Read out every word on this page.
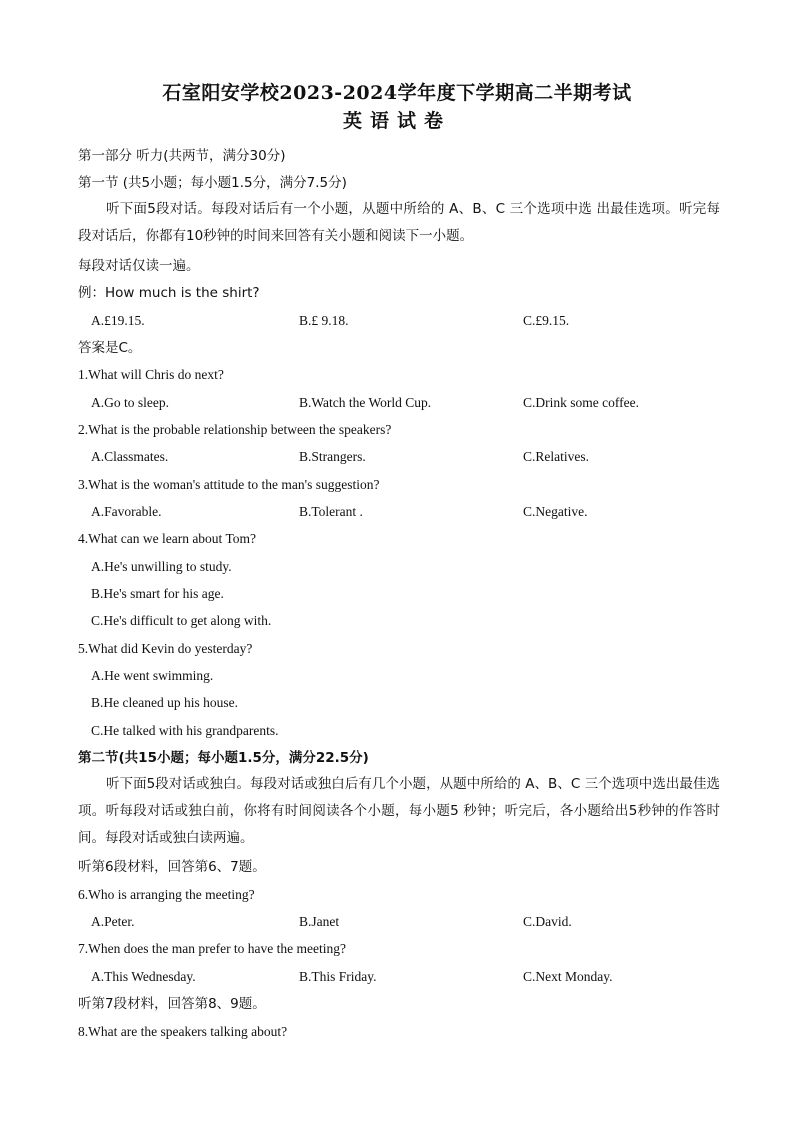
石室阳安学校2023-2024学年度下学期高二半期考试
英语试卷
第一部分 听力(共两节，满分30分)
第一节 (共5小题；每小题1.5分，满分7.5分)
听下面5段对话。每段对话后有一个小题，从题中所给的 A、B、C 三个选项中选 出最佳选项。听完每段对话后，你都有10秒钟的时间来回答有关小题和阅读下一小题。
每段对话仅读一遍。
例：How much is the shirt?
A.£19.15.	B.£ 9.18.	C.£9.15.
答案是C。
1.What will Chris do next?
A.Go to sleep.	B.Watch the World Cup.	C.Drink some coffee.
2.What is the probable relationship between the speakers?
A.Classmates.	B.Strangers.	C.Relatives.
3.What is the woman's attitude to the man's suggestion?
A.Favorable.	B.Tolerant .	C.Negative.
4.What can we learn about Tom?
A.He's unwilling to study.
B.He's smart for his age.
C.He's difficult to get along with.
5.What did Kevin do yesterday?
A.He went swimming.
B.He cleaned up his house.
C.He talked with his grandparents.
第二节(共15小题；每小题1.5分，满分22.5分)
听下面5段对话或独白。每段对话或独白后有几个小题，从题中所给的 A、B、C 三个选项中选出最佳选项。听每段对话或独白前，你将有时间阅读各个小题，每小题5 秒钟；听完后，各小题给出5秒钟的作答时间。每段对话或独白读两遍。
听第6段材料，回答第6、7题。
6.Who is arranging the meeting?
A.Peter.	B.Janet	C.David.
7.When does the man prefer to have the meeting?
A.This Wednesday.	B.This Friday.	C.Next Monday.
听第7段材料，回答第8、9题。
8.What are the speakers talking about?
